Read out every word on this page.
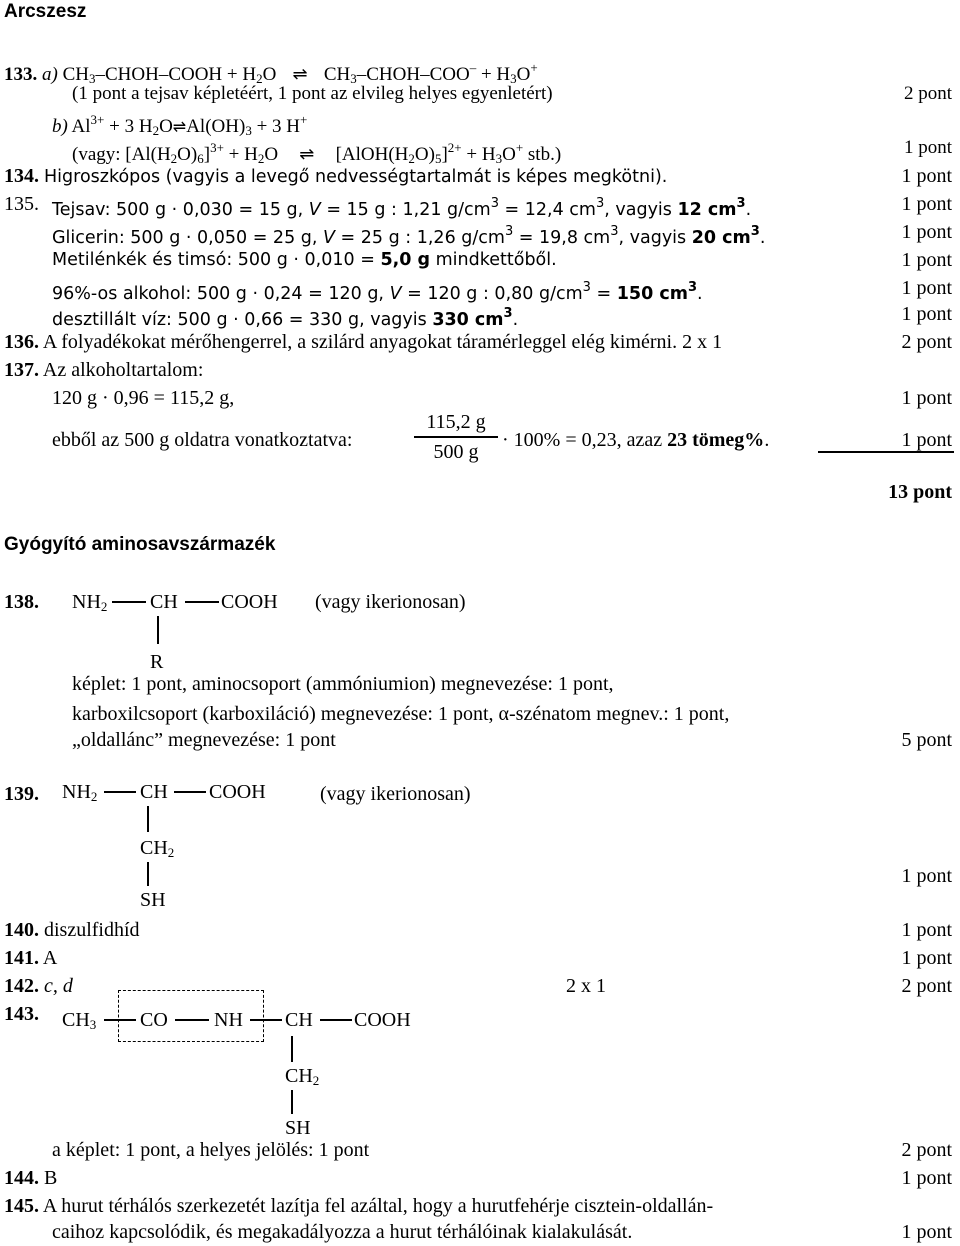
Arcszesz
133. a) $CH_3-CHOH$–COOH + $H_2O$ ⇌ $CH_3-CHOH-COO^- + H_3O^+$
(1 pont a tejsav képletéért, 1 pont az elvileg helyes egyenletért)	2 pont
b) $Al^{3+} + 3$ $H_2O\rightleftharpoons Al(OH)_3 + 3$ H+
(vagy: $[Al(H_2O)_6]^{3+} + H_2O$ ⇌ $[AlOH(H_2O)_5]^{2+} + H_3O^+$ stb.)	1 pont
134. Higroszkópos (vagyis a levegő nedvességtartalmát is képes megkötni).	1 pont
135. Tejsav: 500 g · 0,030 = 15 g, V = 15 g : 1,21 $g/cm^3 = 12,4$ $cm^3$, vagyis 12 $cm^3$.	1 pont
Glicerin: 500 g · 0,050 = 25 g, V = 25 g : 1,26 $g/cm^3 = 19,8$ $cm^3$, vagyis 20 $cm^3$.	1 pont
Metilénkék és timsó: 500 g · 0,010 = 5,0 g mindkettőből.	1 pont
96%-os alkohol: 500 g · 0,24 = 120 g, V = 120 g : 0,80 $g/cm^3 = 150$ $cm^3$.	1 pont
desztillált víz: 500 g · 0,66 = 330 g, vagyis 330 $cm^3$.	1 pont
136. A folyadékokat mérőhengerrel, a szilárd anyagokat táramérleggel elég kimérni. 2 x 1	2 pont
137. Az alkoholtartalom:
120 g · 0,96 = 115,2 g,	1 pont
ebből az 500 g oldatra vonatkoztatva:
115,2 g
500 g
· 100% = 0,23, azaz 23 tömeg%.	1 pont
13 pont
Gyógyító aminosavszármazék
138. $NH_2$ CH COOH (vagy ikerionosan)
R
képlet: 1 pont, aminocsoport (ammóniumion) megnevezése: 1 pont,
karboxilcsoport (karboxiláció) megnevezése: 1 pont, α-szénatom megnev.: 1 pont,
„oldallánc” megnevezése: 1 pont	5 pont
139. $NH_2$ CH COOH	(vagy ikerionosan)
$CH_2$
SH
1 pont
140. diszulfidhíd	1 pont
141. A	1 pont
142. c, d	2 x 1	2 pont
143. $CH_3$ CO NH CH COOH
$CH_2$
SH
a képlet: 1 pont, a helyes jelölés: 1 pont	2 pont
144. B	1 pont
145. A hurut térhálós szerkezetét lazítja fel azáltal, hogy a hurutfehérje cisztein-oldallán-
caihoz kapcsolódik, és megakadályozza a hurut térhálóinak kialakulását.	1 pont
